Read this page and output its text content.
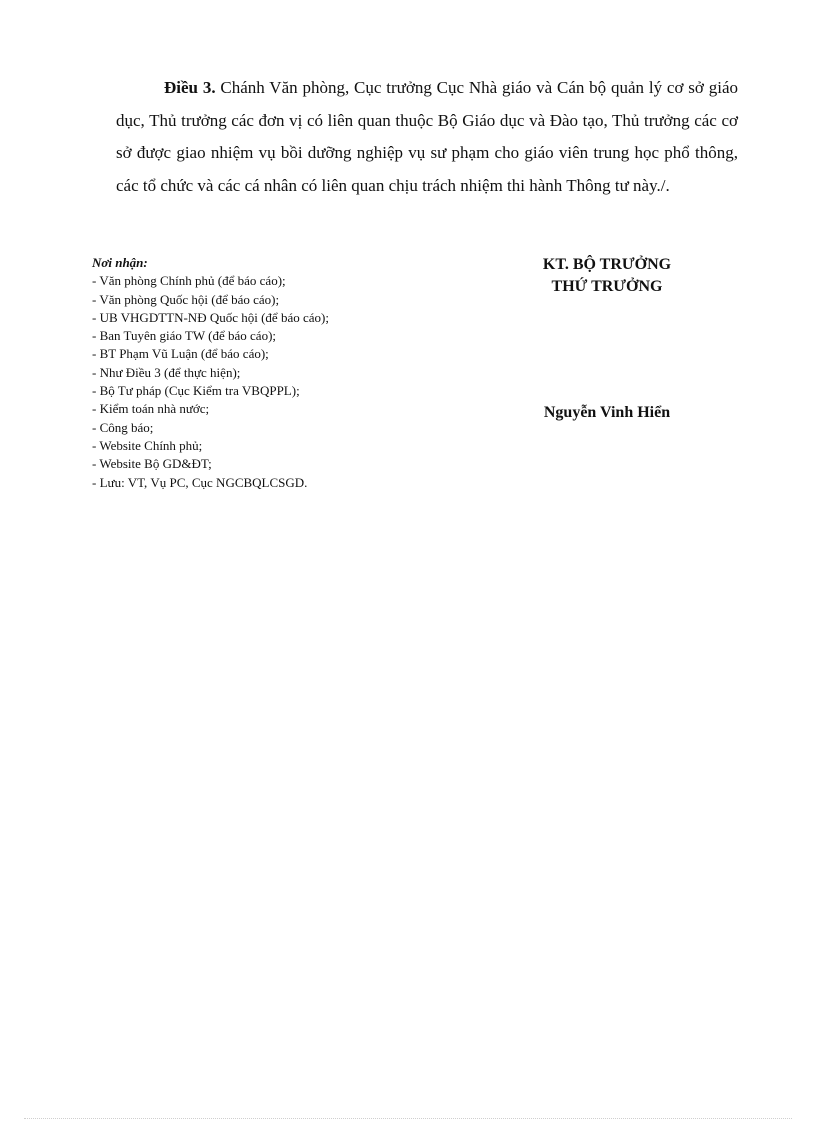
Điều 3. Chánh Văn phòng, Cục trưởng Cục Nhà giáo và Cán bộ quản lý cơ sở giáo dục, Thủ trưởng các đơn vị có liên quan thuộc Bộ Giáo dục và Đào tạo, Thủ trưởng các cơ sở được giao nhiệm vụ bồi dưỡng nghiệp vụ sư phạm cho giáo viên trung học phổ thông, các tổ chức và các cá nhân có liên quan chịu trách nhiệm thi hành Thông tư này./.

Nơi nhận:

- Văn phòng Chính phủ (để báo cáo);
- Văn phòng Quốc hội (để báo cáo);
- UB VHGDTTN-NĐ Quốc hội (để báo cáo);
- Ban Tuyên giáo TW (để báo cáo);
- BT Phạm Vũ Luận (để báo cáo);
- Như Điều 3 (để thực hiện);
- Bộ Tư pháp (Cục Kiểm tra VBQPPL);
- Kiểm toán nhà nước;
- Công báo;
- Website Chính phủ;
- Website Bộ GD&ĐT;
- Lưu: VT, Vụ PC, Cục NGCBQLCSGD.
KT. BỘ TRƯỞNG
THỨ TRƯỞNG
Nguyễn Vinh Hiển
